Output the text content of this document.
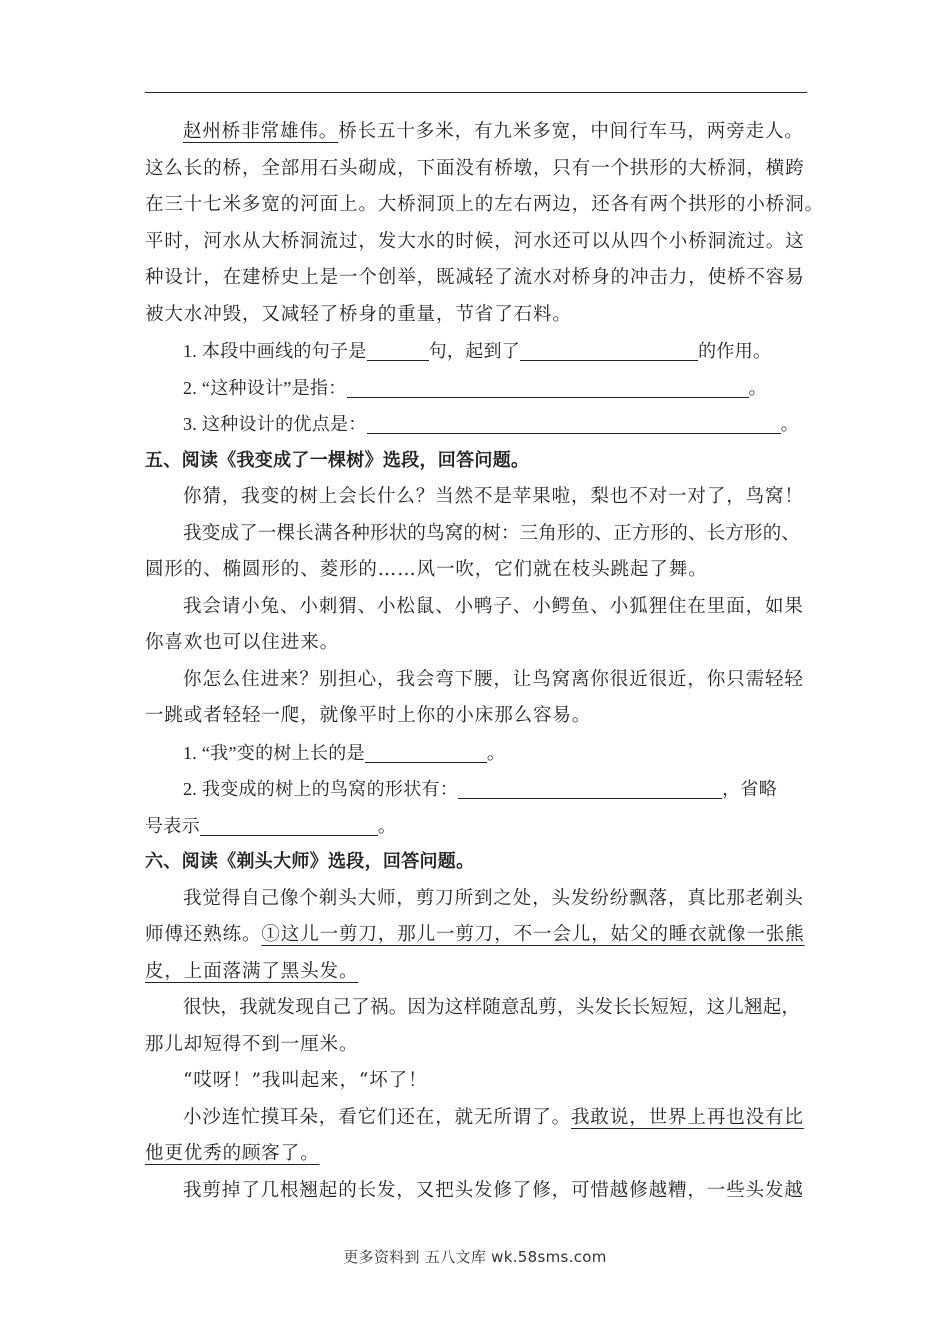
赵州桥非常雄伟。桥长五十多米，有九米多宽，中间行车马，两旁走人。
这么长的桥，全部用石头砌成，下面没有桥墩，只有一个拱形的大桥洞，横跨
在三十七米多宽的河面上。大桥洞顶上的左右两边，还各有两个拱形的小桥洞。
平时，河水从大桥洞流过，发大水的时候，河水还可以从四个小桥洞流过。这
种设计，在建桥史上是一个创举，既减轻了流水对桥身的冲击力，使桥不容易
被大水冲毁，又减轻了桥身的重量，节省了石料。
1. 本段中画线的句子是	句，起到了	的作用。
2. “这种设计”是指：	。
3. 这种设计的优点是：	。
五、阅读《我变成了一棵树》选段，回答问题。
你猜，我变的树上会长什么？当然不是苹果啦，梨也不对一对了，鸟窝！
我变成了一棵长满各种形状的鸟窝的树：三角形的、正方形的、长方形的、
圆形的、椭圆形的、菱形的……风一吹，它们就在枝头跳起了舞。
我会请小兔、小刺猬、小松鼠、小鸭子、小鳄鱼、小狐狸住在里面，如果
你喜欢也可以住进来。
你怎么住进来？别担心，我会弯下腰，让鸟窝离你很近很近，你只需轻轻
一跳或者轻轻一爬，就像平时上你的小床那么容易。
1. “我”变的树上长的是	。
2. 我变成的树上的鸟窝的形状有：	，省略
号表示	。
六、阅读《剃头大师》选段，回答问题。
我觉得自己像个剃头大师，剪刀所到之处，头发纷纷飘落，真比那老剃头
师傅还熟练。①这儿一剪刀，那儿一剪刀，不一会儿，姑父的睡衣就像一张熊
皮，上面落满了黑头发。
很快，我就发现自己了祸。因为这样随意乱剪，头发长长短短，这儿翘起，
那儿却短得不到一厘米。
“哎呀！”我叫起来，“坏了！
小沙连忙摸耳朵，看它们还在，就无所谓了。我敢说，世界上再也没有比
他更优秀的顾客了。
我剪掉了几根翘起的长发，又把头发修了修，可惜越修越糟，一些头发越
更多资料到 五八文库 wk.58sms.com
